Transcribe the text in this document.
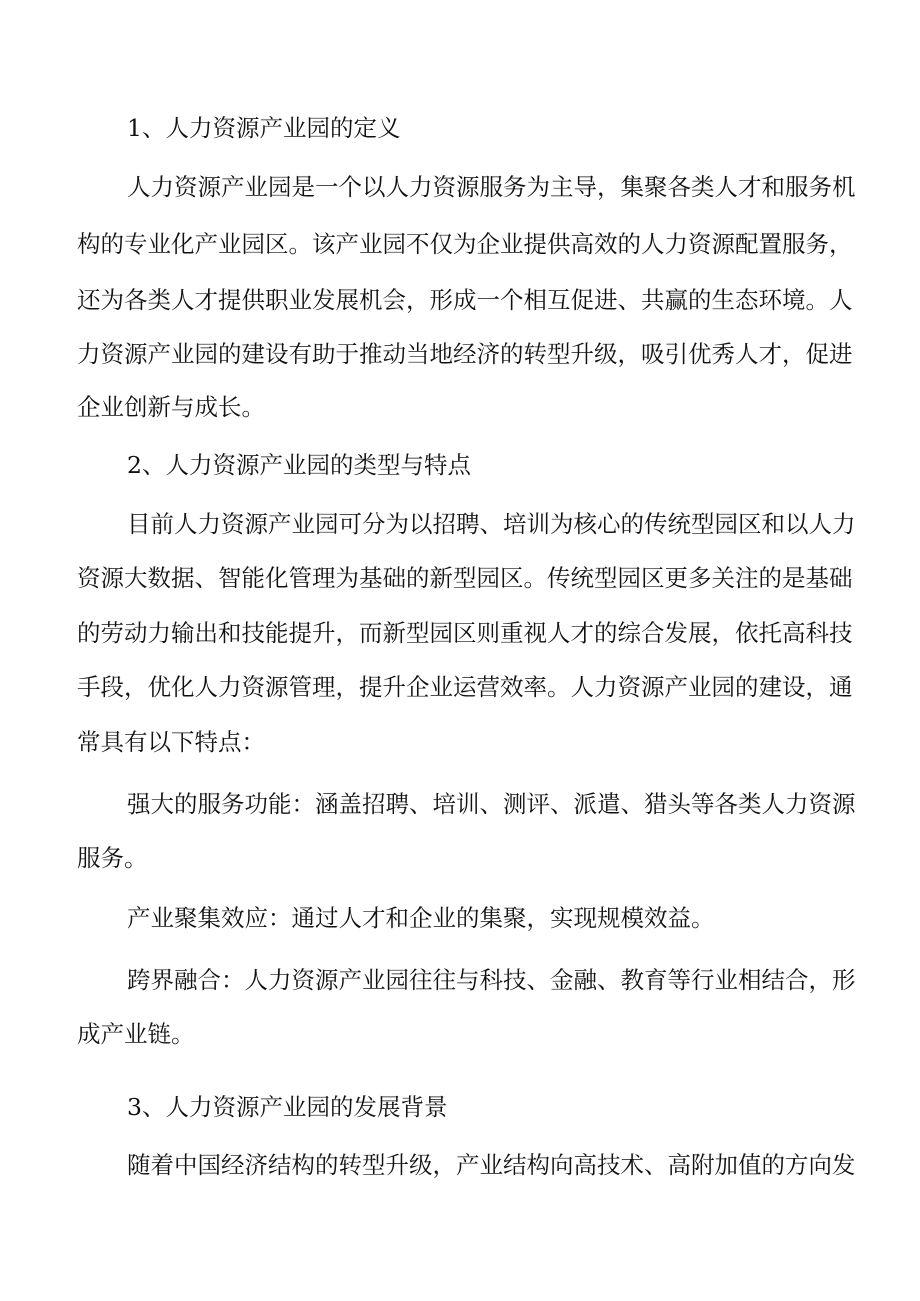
1、人力资源产业园的定义
人力资源产业园是一个以人力资源服务为主导，集聚各类人才和服务机
构的专业化产业园区。该产业园不仅为企业提供高效的人力资源配置服务，
还为各类人才提供职业发展机会，形成一个相互促进、共赢的生态环境。人
力资源产业园的建设有助于推动当地经济的转型升级，吸引优秀人才，促进
企业创新与成长。
2、人力资源产业园的类型与特点
目前人力资源产业园可分为以招聘、培训为核心的传统型园区和以人力
资源大数据、智能化管理为基础的新型园区。传统型园区更多关注的是基础
的劳动力输出和技能提升，而新型园区则重视人才的综合发展，依托高科技
手段，优化人力资源管理，提升企业运营效率。人力资源产业园的建设，通
常具有以下特点：
强大的服务功能：涵盖招聘、培训、测评、派遣、猎头等各类人力资源
服务。
产业聚集效应：通过人才和企业的集聚，实现规模效益。
跨界融合：人力资源产业园往往与科技、金融、教育等行业相结合，形
成产业链。
3、人力资源产业园的发展背景
随着中国经济结构的转型升级，产业结构向高技术、高附加值的方向发
